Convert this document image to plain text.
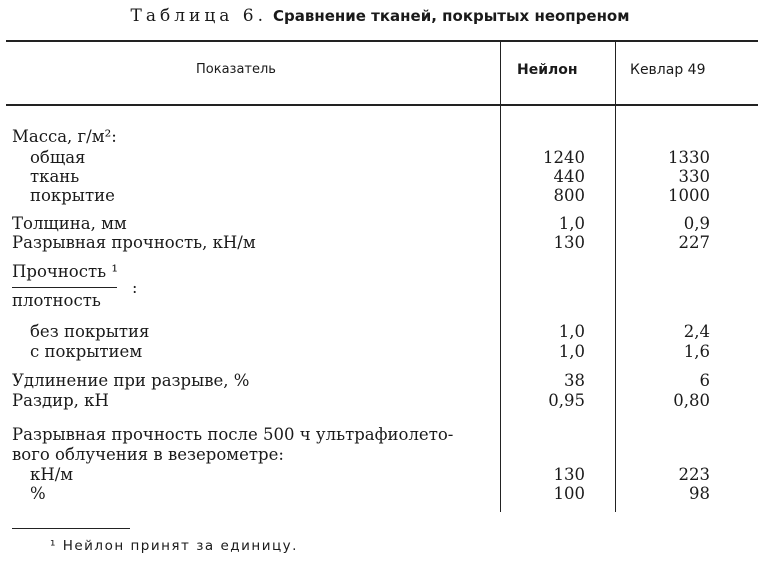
Таблица 6. Сравнение тканей, покрытых неопреном
Показатель	Нейлон	Кевлар 49
Масса, г/м²:
общая	1240	1330
ткань	440	330
покрытие	800	1000
Толщина, мм	1,0	0,9
Разрывная прочность, кН/м	130	227
Прочность ¹
:
плотность
без покрытия	1,0	2,4
с покрытием	1,0	1,6
Удлинение при разрыве, %	38	6
Раздир, кН	0,95	0,80
Разрывная прочность после 500 ч ультрафиолето-
вого облучения в везерометре:
кН/м	130	223
%	100	98
¹ Нейлон принят за единицу.
